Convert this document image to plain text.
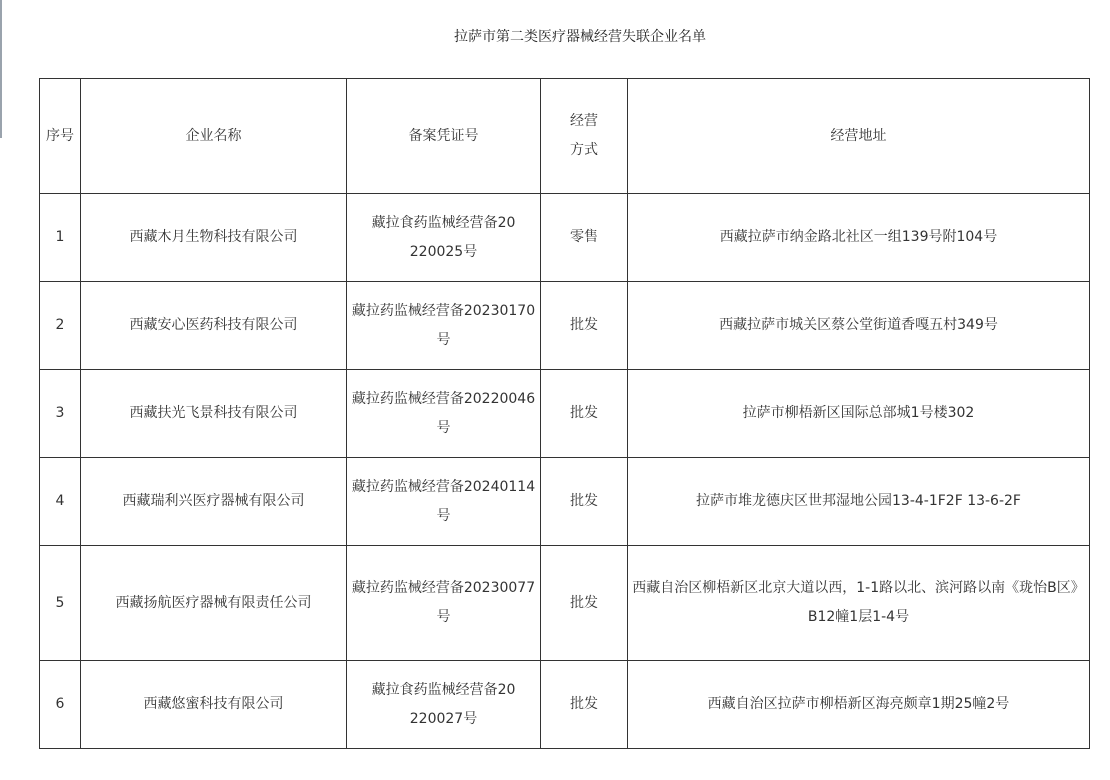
拉萨市第二类医疗器械经营失联企业名单
序号	企业名称	备案凭证号	经营方式	经营地址
1	西藏木月生物科技有限公司	藏拉食药监械经营备20220025号	零售	西藏拉萨市纳金路北社区一组139号附104号
2	西藏安心医药科技有限公司	藏拉药监械经营备20230170号	批发	西藏拉萨市城关区蔡公堂街道香嘎五村349号
3	西藏扶光飞景科技有限公司	藏拉药监械经营备20220046号	批发	拉萨市柳梧新区国际总部城1号楼302
4	西藏瑞利兴医疗器械有限公司	藏拉药监械经营备20240114号	批发	拉萨市堆龙德庆区世邦湿地公园13-4-1F2F 13-6-2F
5	西藏扬航医疗器械有限责任公司	藏拉药监械经营备20230077号	批发	西藏自治区柳梧新区北京大道以西，1-1路以北、滨河路以南《珑怡B区》B12幢1层1-4号
6	西藏悠蜜科技有限公司	藏拉食药监械经营备20220027号	批发	西藏自治区拉萨市柳梧新区海亮颇章1期25幢2号
